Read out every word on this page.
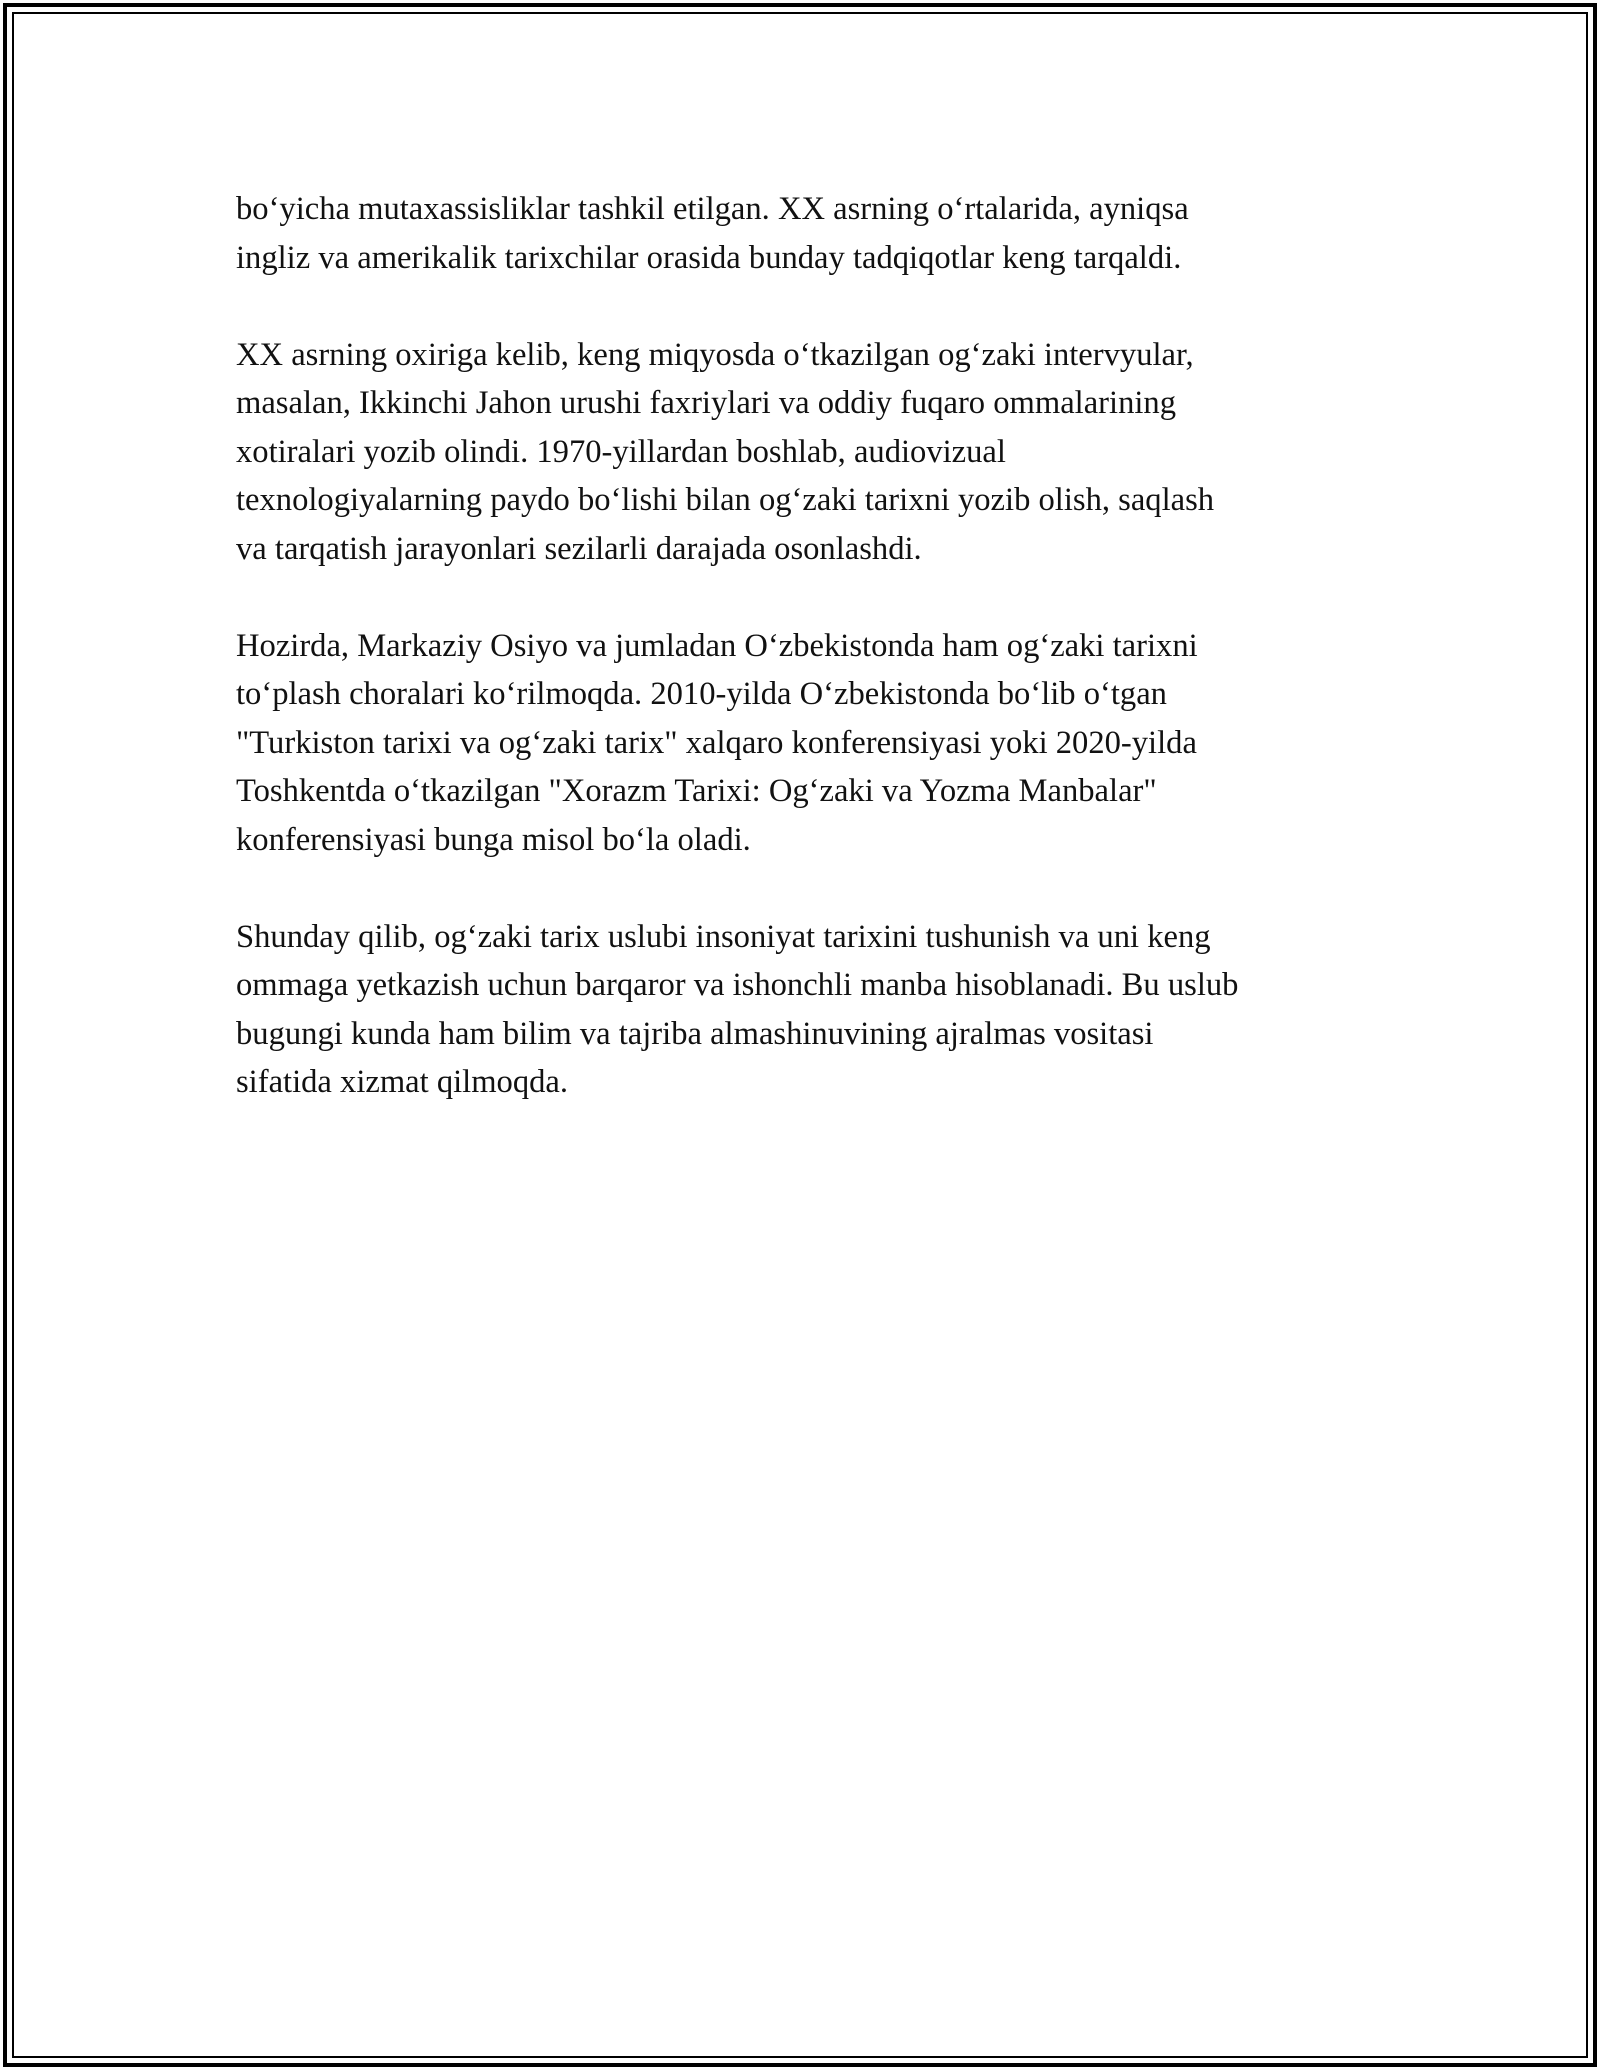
bo‘yicha mutaxassisliklar tashkil etilgan. XX asrning o‘rtalarida, ayniqsa
ingliz va amerikalik tarixchilar orasida bunday tadqiqotlar keng tarqaldi.

XX asrning oxiriga kelib, keng miqyosda o‘tkazilgan og‘zaki intervyular,
masalan, Ikkinchi Jahon urushi faxriylari va oddiy fuqaro ommalarining
xotiralari yozib olindi. 1970-yillardan boshlab, audiovizual
texnologiyalarning paydo bo‘lishi bilan og‘zaki tarixni yozib olish, saqlash
va tarqatish jarayonlari sezilarli darajada osonlashdi.

Hozirda, Markaziy Osiyo va jumladan O‘zbekistonda ham og‘zaki tarixni
to‘plash choralari ko‘rilmoqda. 2010-yilda O‘zbekistonda bo‘lib o‘tgan
"Turkiston tarixi va og‘zaki tarix" xalqaro konferensiyasi yoki 2020-yilda
Toshkentda o‘tkazilgan "Xorazm Tarixi: Og‘zaki va Yozma Manbalar"
konferensiyasi bunga misol bo‘la oladi.

Shunday qilib, og‘zaki tarix uslubi insoniyat tarixini tushunish va uni keng
ommaga yetkazish uchun barqaror va ishonchli manba hisoblanadi. Bu uslub
bugungi kunda ham bilim va tajriba almashinuvining ajralmas vositasi
sifatida xizmat qilmoqda.
